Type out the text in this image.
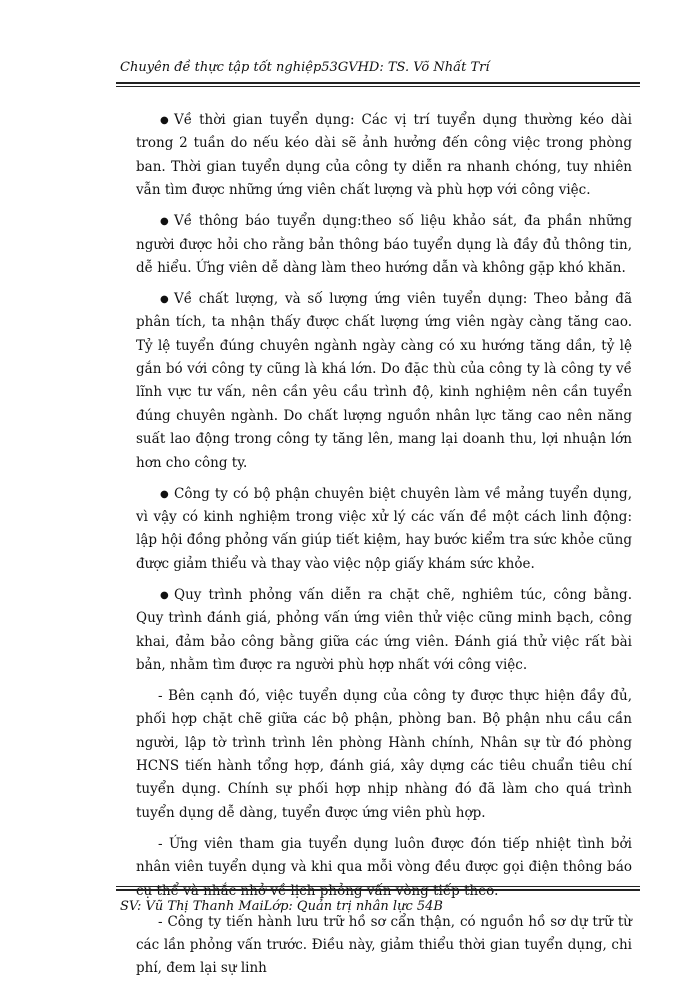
Chuyên đề thực tập tốt nghiệp53GVHD: TS. Võ Nhất Trí

● Về thời gian tuyển dụng: Các vị trí tuyển dụng thường kéo dài trong 2 tuần do nếu kéo dài sẽ ảnh hưởng đến công việc trong phòng ban. Thời gian tuyển dụng của công ty diễn ra nhanh chóng, tuy nhiên vẫn tìm được những ứng viên chất lượng và phù hợp với công việc.

● Về thông báo tuyển dụng:theo số liệu khảo sát, đa phần những người được hỏi cho rằng bản thông báo tuyển dụng là đầy đủ thông tin, dễ hiểu. Ứng viên dễ dàng làm theo hướng dẫn và không gặp khó khăn.

● Về chất lượng, và số lượng ứng viên tuyển dụng: Theo bảng đã phân tích, ta nhận thấy được chất lượng ứng viên ngày càng tăng cao. Tỷ lệ tuyển đúng chuyên ngành ngày càng có xu hướng tăng dần, tỷ lệ gắn bó với công ty cũng là khá lớn. Do đặc thù của công ty là công ty về lĩnh vực tư vấn, nên cần yêu cầu trình độ, kinh nghiệm nên cần tuyển đúng chuyên ngành. Do chất lượng nguồn nhân lực tăng cao nên năng suất lao động trong công ty tăng lên, mang lại doanh thu, lợi nhuận lớn hơn cho công ty.

● Công ty có bộ phận chuyên biệt chuyên làm về mảng tuyển dụng, vì vậy có kinh nghiệm trong việc xử lý các vấn đề một cách linh động: lập hội đồng phỏng vấn giúp tiết kiệm, hay bước kiểm tra sức khỏe cũng được giảm thiểu và thay vào việc nộp giấy khám sức khỏe.

● Quy trình phỏng vấn diễn ra chặt chẽ, nghiêm túc, công bằng. Quy trình đánh giá, phỏng vấn ứng viên thử việc cũng minh bạch, công khai, đảm bảo công bằng giữa các ứng viên. Đánh giá thử việc rất bài bản, nhằm tìm được ra người phù hợp nhất với công việc.

- Bên cạnh đó, việc tuyển dụng của công ty được thực hiện đầy đủ, phối hợp chặt chẽ giữa các bộ phận, phòng ban. Bộ phận nhu cầu cần người, lập tờ trình trình lên phòng Hành chính, Nhân sự từ đó phòng HCNS tiến hành tổng hợp, đánh giá, xây dựng các tiêu chuẩn tiêu chí tuyển dụng. Chính sự phối hợp nhịp nhàng đó đã làm cho quá trình tuyển dụng dễ dàng, tuyển được ứng viên phù hợp.

- Ứng viên tham gia tuyển dụng luôn được đón tiếp nhiệt tình bởi nhân viên tuyển dụng và khi qua mỗi vòng đều được gọi điện thông báo

- Công ty tiến hành lưu trữ hồ sơ cẩn thận, có nguồn hồ sơ dự trữ từ các lần phỏng vấn trước. Điều này, giảm thiểu thời gian tuyển dụng, chi phí, đem lại sự linh

SV: Vũ Thị Thanh MaiLớp: Quản trị nhân lực 54B
